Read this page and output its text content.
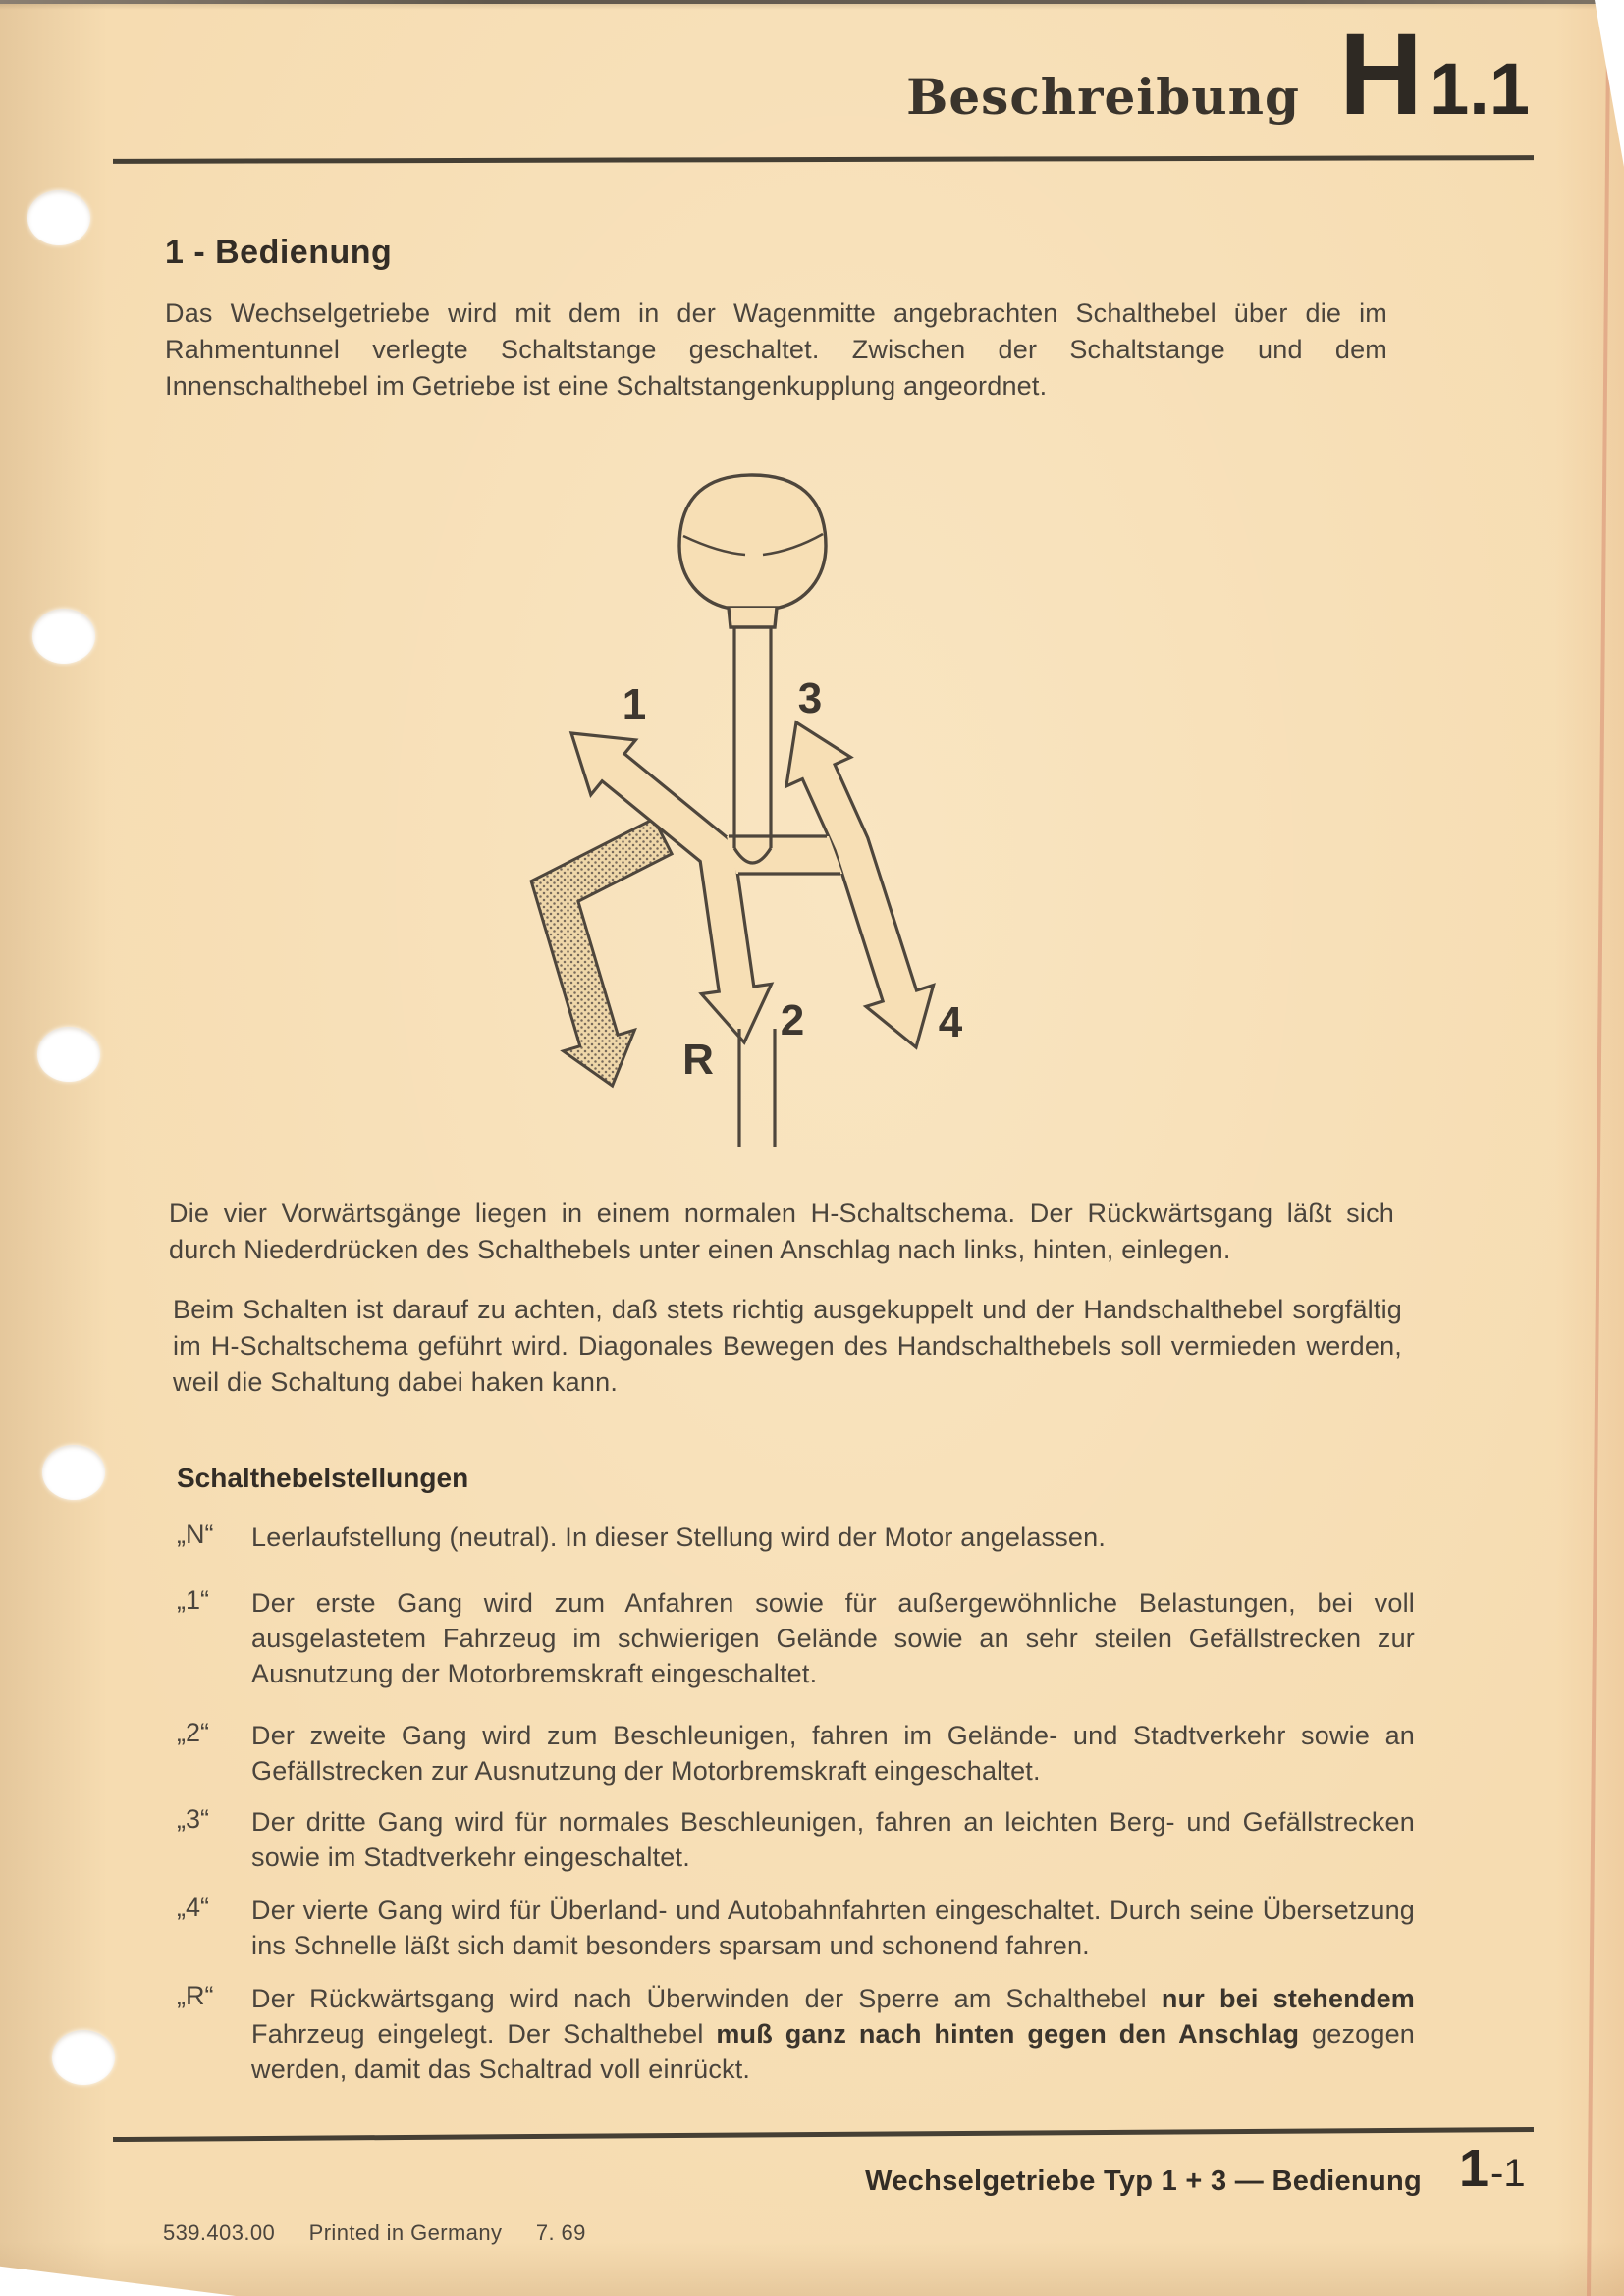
Beschreibung H 1.1
1 - Bedienung

Das Wechselgetriebe wird mit dem in der Wagenmitte angebrachten Schalthebel über die im Rahmentunnel verlegte Schaltstange geschaltet. Zwischen der Schaltstange und dem Innenschalthebel im Getriebe ist eine Schaltstangenkupplung angeordnet.

1	3
2	4
R

Die vier Vorwärtsgänge liegen in einem normalen H-Schaltschema. Der Rückwärtsgang läßt sich durch Niederdrücken des Schalthebels unter einen Anschlag nach links, hinten, einlegen.

Beim Schalten ist darauf zu achten, daß stets richtig ausgekuppelt und der Handschalthebel sorgfältig im H-Schaltschema geführt wird. Diagonales Bewegen des Handschalthebels soll vermieden werden, weil die Schaltung dabei haken kann.

Schalthebelstellungen
„N“ Leerlaufstellung (neutral). In dieser Stellung wird der Motor angelassen.
„1“ Der erste Gang wird zum Anfahren sowie für außergewöhnliche Belastungen, bei voll ausgelastetem Fahrzeug im schwierigen Gelände sowie an sehr steilen Gefällstrecken zur Ausnutzung der Motorbremskraft eingeschaltet.
„2“ Der zweite Gang wird zum Beschleunigen, fahren im Gelände- und Stadtverkehr sowie an Gefällstrecken zur Ausnutzung der Motorbremskraft eingeschaltet.
„3“ Der dritte Gang wird für normales Beschleunigen, fahren an leichten Berg- und Gefällstrecken sowie im Stadtverkehr eingeschaltet.
„4“ Der vierte Gang wird für Überland- und Autobahnfahrten eingeschaltet. Durch seine Übersetzung ins Schnelle läßt sich damit besonders sparsam und schonend fahren.
„R“ Der Rückwärtsgang wird nach Überwinden der Sperre am Schalthebel nur bei stehendem Fahrzeug eingelegt. Der Schalthebel muß ganz nach hinten gegen den Anschlag gezogen werden, damit das Schaltrad voll einrückt.
Wechselgetriebe Typ 1 + 3 — Bedienung 1 -1
539.403.00 Printed in Germany 7. 69
